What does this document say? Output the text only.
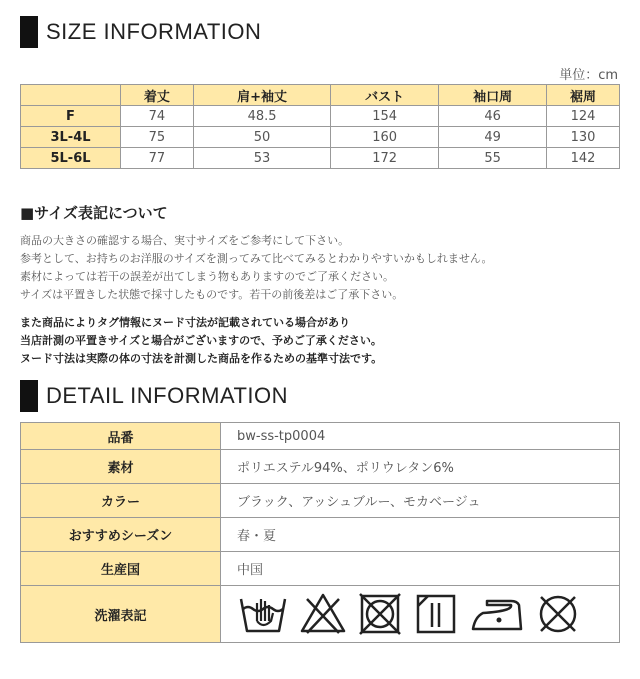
SIZE INFORMATION
単位：cm
	着丈	肩+袖丈	バスト	袖口周	裾周
F	74	48.5	154	46	124
3L-4L	75	50	160	49	130
5L-6L	77	53	172	55	142
■サイズ表記について
商品の大きさの確認する場合、実寸サイズをご参考にして下さい。
参考として、お持ちのお洋服のサイズを測ってみて比べてみるとわかりやすいかもしれません。
素材によっては若干の誤差が出てしまう物もありますのでご了承ください。
サイズは平置きした状態で採寸したものです。若干の前後差はご了承下さい。
また商品によりタグ情報にヌード寸法が記載されている場合があり
当店計測の平置きサイズと場合がございますので、予めご了承ください。
ヌード寸法は実際の体の寸法を計測した商品を作るための基準寸法です。
DETAIL INFORMATION
品番	bw-ss-tp0004
素材	ポリエステル94%、ポリウレタン6%
カラー	ブラック、アッシュブルー、モカベージュ
おすすめシーズン	春・夏
生産国	中国
洗濯表記	
